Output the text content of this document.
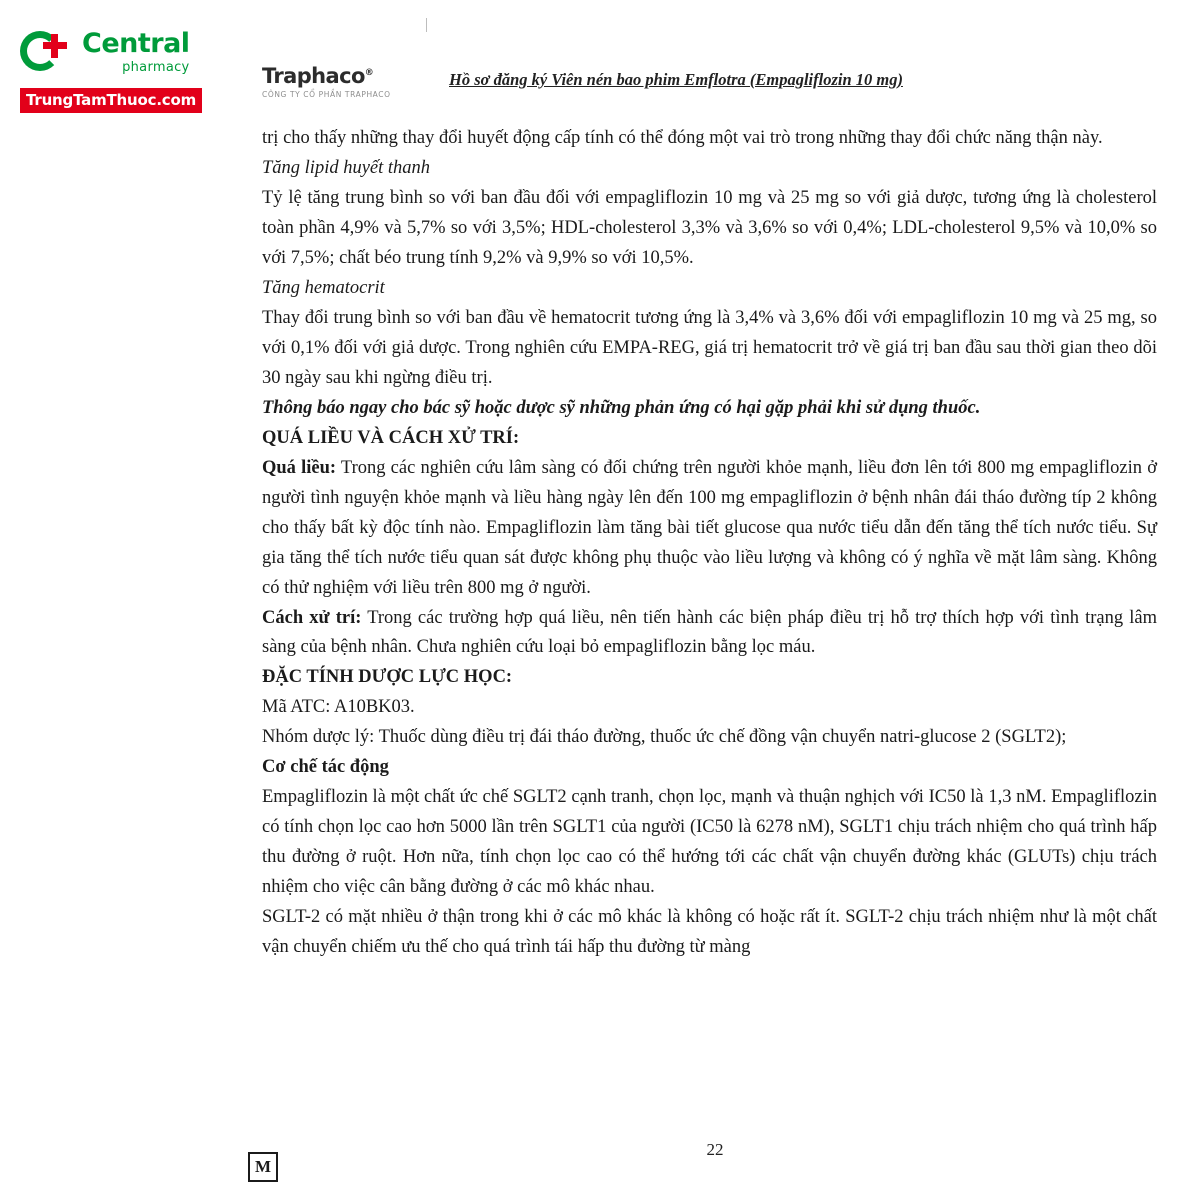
Central
pharmacy
TrungTamThuoc.com
Traphaco®
CÔNG TY CỔ PHẦN TRAPHACO
Hồ sơ đăng ký Viên nén bao phim Emflotra (Empagliflozin 10 mg)

trị cho thấy những thay đổi huyết động cấp tính có thể đóng một vai trò trong những thay đổi chức năng thận này.

Tăng lipid huyết thanh

Tỷ lệ tăng trung bình so với ban đầu đối với empagliflozin 10 mg và 25 mg so với giả dược, tương ứng là cholesterol toàn phần 4,9% và 5,7% so với 3,5%; HDL-cholesterol 3,3% và 3,6% so với 0,4%; LDL-cholesterol 9,5% và 10,0% so với 7,5%; chất béo trung tính 9,2% và 9,9% so với 10,5%.

Tăng hematocrit

Thay đổi trung bình so với ban đầu về hematocrit tương ứng là 3,4% và 3,6% đối với empagliflozin 10 mg và 25 mg, so với 0,1% đối với giả dược. Trong nghiên cứu EMPA-REG, giá trị hematocrit trở về giá trị ban đầu sau thời gian theo dõi 30 ngày sau khi ngừng điều trị.

Thông báo ngay cho bác sỹ hoặc dược sỹ những phản ứng có hại gặp phải khi sử dụng thuốc.

QUÁ LIỀU VÀ CÁCH XỬ TRÍ:

Quá liều: Trong các nghiên cứu lâm sàng có đối chứng trên người khỏe mạnh, liều đơn lên tới 800 mg empagliflozin ở người tình nguyện khỏe mạnh và liều hàng ngày lên đến 100 mg empagliflozin ở bệnh nhân đái tháo đường típ 2 không cho thấy bất kỳ độc tính nào. Empagliflozin làm tăng bài tiết glucose qua nước tiểu dẫn đến tăng thể tích nước tiểu. Sự gia tăng thể tích nước tiểu quan sát được không phụ thuộc vào liều lượng và không có ý nghĩa về mặt lâm sàng. Không có thử nghiệm với liều trên 800 mg ở người.

Cách xử trí: Trong các trường hợp quá liều, nên tiến hành các biện pháp điều trị hỗ trợ thích hợp với tình trạng lâm sàng của bệnh nhân. Chưa nghiên cứu loại bỏ empagliflozin bằng lọc máu.

ĐẶC TÍNH DƯỢC LỰC HỌC:

Mã ATC: A10BK03.

Nhóm dược lý: Thuốc dùng điều trị đái tháo đường, thuốc ức chế đồng vận chuyển natri-glucose 2 (SGLT2);

Cơ chế tác động

Empagliflozin là một chất ức chế SGLT2 cạnh tranh, chọn lọc, mạnh và thuận nghịch với IC50 là 1,3 nM. Empagliflozin có tính chọn lọc cao hơn 5000 lần trên SGLT1 của người (IC50 là 6278 nM), SGLT1 chịu trách nhiệm cho quá trình hấp thu đường ở ruột. Hơn nữa, tính chọn lọc cao có thể hướng tới các chất vận chuyển đường khác (GLUTs) chịu trách nhiệm cho việc cân bằng đường ở các mô khác nhau.

SGLT-2 có mặt nhiều ở thận trong khi ở các mô khác là không có hoặc rất ít. SGLT-2 chịu trách nhiệm như là một chất vận chuyển chiếm ưu thế cho quá trình tái hấp thu đường từ màng

22
M
